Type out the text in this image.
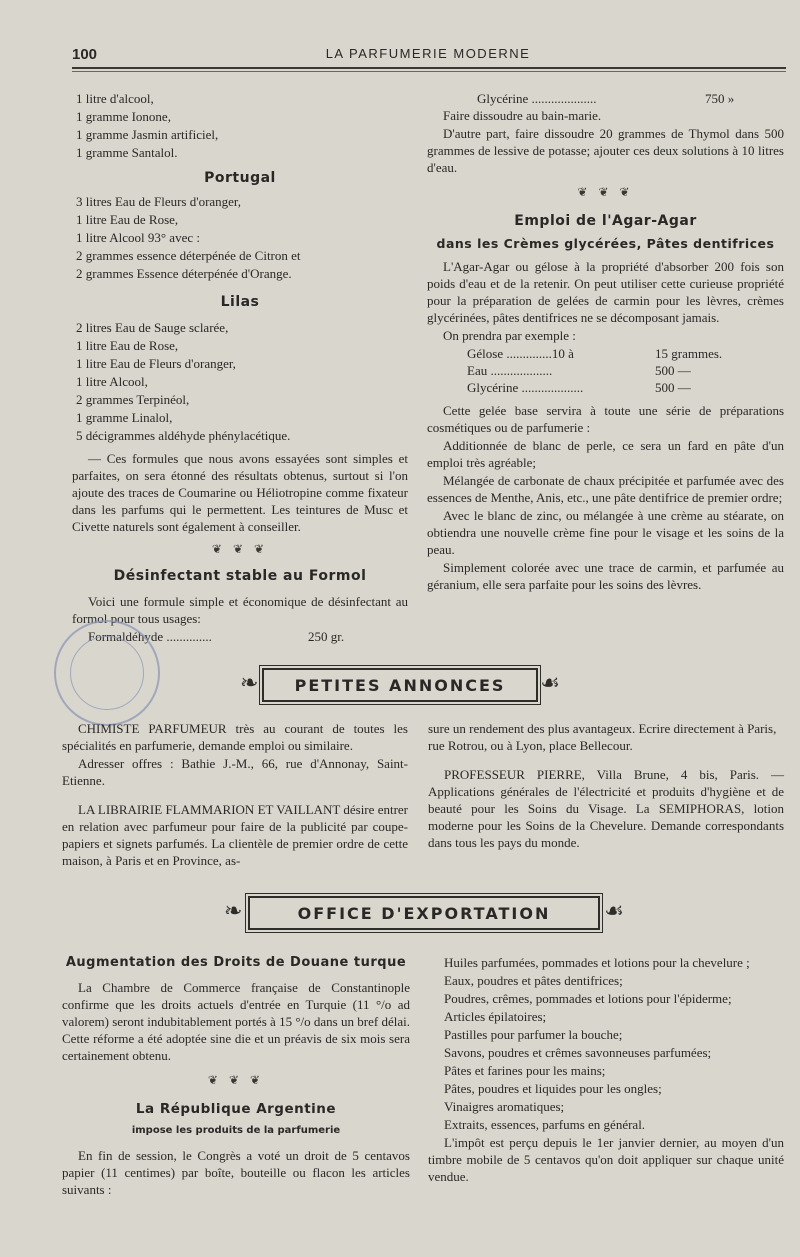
100	LA PARFUMERIE MODERNE

1 litre d'alcool,

1 gramme Ionone,

1 gramme Jasmin artificiel,

1 gramme Santalol.

Portugal

3 litres Eau de Fleurs d'oranger,

1 litre Eau de Rose,

1 litre Alcool 93° avec :

2 grammes essence déterpénée de Citron et

2 grammes Essence déterpénée d'Orange.

Lilas

2 litres Eau de Sauge sclarée,

1 litre Eau de Rose,

1 litre Eau de Fleurs d'oranger,

1 litre Alcool,

2 grammes Terpinéol,

1 gramme Linalol,

5 décigrammes aldéhyde phénylacétique.

— Ces formules que nous avons essayées sont simples et parfaites, on sera étonné des résultats obtenus, surtout si l'on ajoute des traces de Coumarine ou Héliotropine comme fixateur dans les parfums qui le permettent. Les teintures de Musc et Civette naturels sont également à conseiller.

❦ ❦ ❦

Désinfectant stable au Formol

Voici une formule simple et économique de désinfectant au formol pour tous usages:

Formaldéhyde ..............	250 gr.
Glycérine ....................	750 »

Faire dissoudre au bain-marie.

D'autre part, faire dissoudre 20 grammes de Thymol dans 500 grammes de lessive de potasse; ajouter ces deux solutions à 10 litres d'eau.

❦ ❦ ❦

Emploi de l'Agar-Agar

dans les Crèmes glycérées, Pâtes dentifrices

L'Agar-Agar ou gélose à la propriété d'absorber 200 fois son poids d'eau et de la retenir. On peut utiliser cette curieuse propriété pour la préparation de gelées de carmin pour les lèvres, crèmes glycérinées, pâtes dentifrices ne se décomposant jamais.

On prendra par exemple :

Gélose ..............10 à	15 grammes.
Eau ...................	500 —
Glycérine ...................	500 —

Cette gelée base servira à toute une série de préparations cosmétiques ou de parfumerie :

Additionnée de blanc de perle, ce sera un fard en pâte d'un emploi très agréable;

Mélangée de carbonate de chaux précipitée et parfumée avec des essences de Menthe, Anis, etc., une pâte dentifrice de premier ordre;

Avec le blanc de zinc, ou mélangée à une crème au stéarate, on obtiendra une nouvelle crème fine pour le visage et les soins de la peau.

Simplement colorée avec une trace de carmin, et parfumée au géranium, elle sera parfaite pour les soins des lèvres.

❧	PETITES ANNONCES	☙

CHIMISTE PARFUMEUR très au courant de toutes les spécialités en parfumerie, demande emploi ou similaire.

Adresser offres : Bathie J.-M., 66, rue d'Annonay, Saint-Etienne.

LA LIBRAIRIE FLAMMARION ET VAILLANT désire entrer en relation avec parfumeur pour faire de la publicité par coupe-papiers et signets parfumés. La clientèle de premier ordre de cette maison, à Paris et en Province, as-

sure un rendement des plus avantageux. Ecrire directement à Paris, rue Rotrou, ou à Lyon, place Bellecour.

PROFESSEUR PIERRE, Villa Brune, 4 bis, Paris. — Applications générales de l'électricité et produits d'hygiène et de beauté pour les Soins du Visage. La SEMIPHORAS, lotion moderne pour les Soins de la Chevelure. Demande correspondants dans tous les pays du monde.

❧	OFFICE D'EXPORTATION	☙

Augmentation des Droits de Douane turque

La Chambre de Commerce française de Constantinople confirme que les droits actuels d'entrée en Turquie (11 °/o ad valorem) seront indubitablement portés à 15 °/o dans un bref délai. Cette réforme a été adoptée sine die et un préavis de six mois sera certainement obtenu.

❦ ❦ ❦

La République Argentine

impose les produits de la parfumerie

En fin de session, le Congrès a voté un droit de 5 centavos papier (11 centimes) par boîte, bouteille ou flacon les articles suivants :

Huiles parfumées, pommades et lotions pour la chevelure ;

Eaux, poudres et pâtes dentifrices;

Poudres, crêmes, pommades et lotions pour l'épiderme;

Articles épilatoires;

Pastilles pour parfumer la bouche;

Savons, poudres et crêmes savonneuses parfumées;

Pâtes et farines pour les mains;

Pâtes, poudres et liquides pour les ongles;

Vinaigres aromatiques;

Extraits, essences, parfums en général.

L'impôt est perçu depuis le 1er janvier dernier, au moyen d'un timbre mobile de 5 centavos qu'on doit appliquer sur chaque unité vendue.
